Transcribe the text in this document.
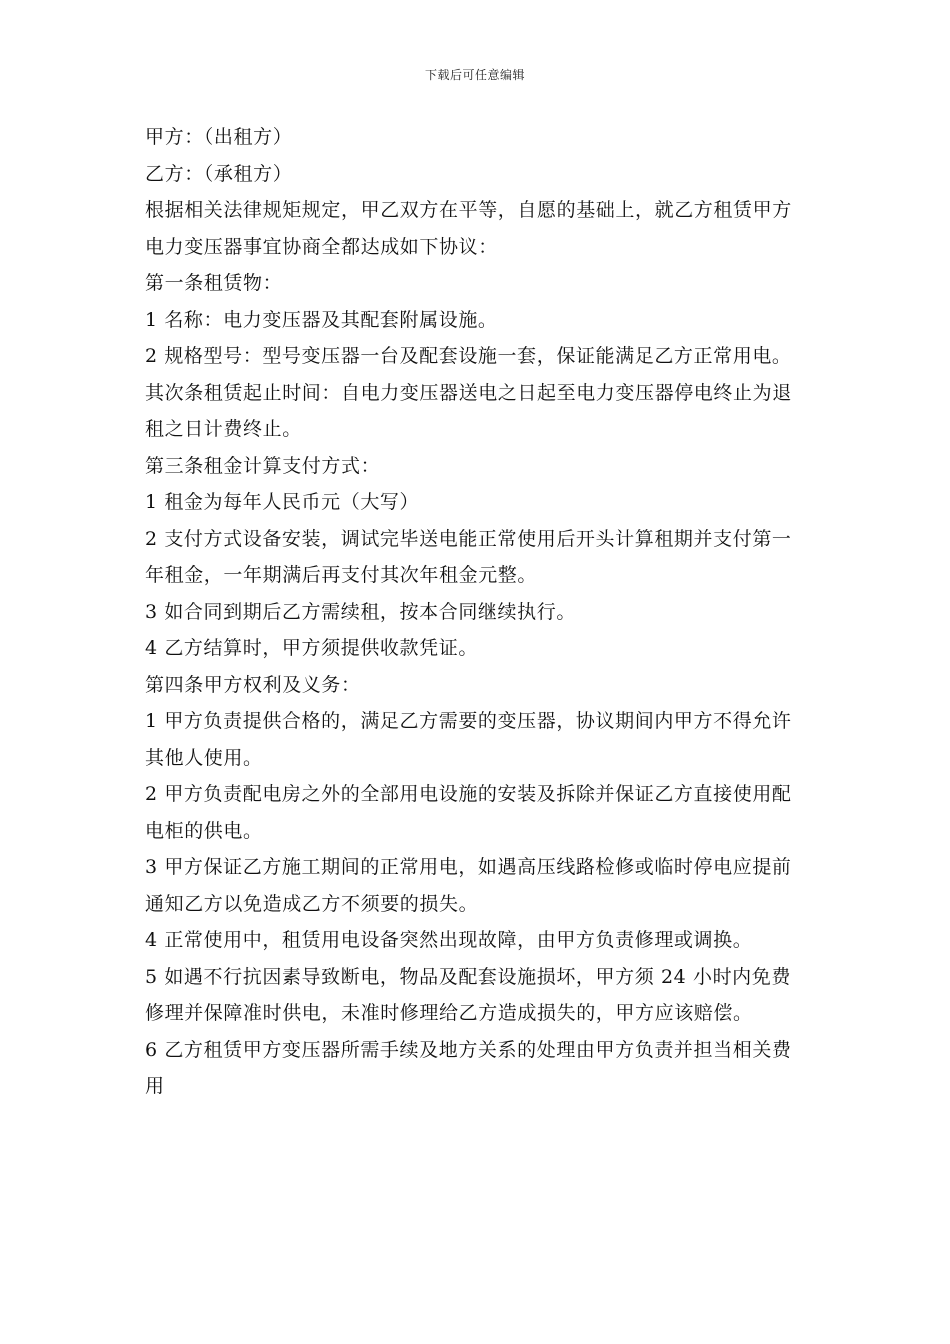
下载后可任意编辑

甲方：（出租方）

乙方：（承租方）

根据相关法律规矩规定，甲乙双方在平等，自愿的基础上，就乙方租赁甲方电力变压器事宜协商全都达成如下协议：

第一条租赁物：

1 名称：电力变压器及其配套附属设施。

2 规格型号：型号变压器一台及配套设施一套，保证能满足乙方正常用电。

其次条租赁起止时间：自电力变压器送电之日起至电力变压器停电终止为退租之日计费终止。

第三条租金计算支付方式：

1 租金为每年人民币元（大写）

2 支付方式设备安装，调试完毕送电能正常使用后开头计算租期并支付第一年租金，一年期满后再支付其次年租金元整。

3 如合同到期后乙方需续租，按本合同继续执行。

4 乙方结算时，甲方须提供收款凭证。

第四条甲方权利及义务：

1 甲方负责提供合格的，满足乙方需要的变压器，协议期间内甲方不得允许其他人使用。

2 甲方负责配电房之外的全部用电设施的安装及拆除并保证乙方直接使用配电柜的供电。

3 甲方保证乙方施工期间的正常用电，如遇高压线路检修或临时停电应提前通知乙方以免造成乙方不须要的损失。

4 正常使用中，租赁用电设备突然出现故障，由甲方负责修理或调换。

5 如遇不行抗因素导致断电，物品及配套设施损坏，甲方须 24 小时内免费修理并保障准时供电，未准时修理给乙方造成损失的，甲方应该赔偿。

6 乙方租赁甲方变压器所需手续及地方关系的处理由甲方负责并担当相关费用
